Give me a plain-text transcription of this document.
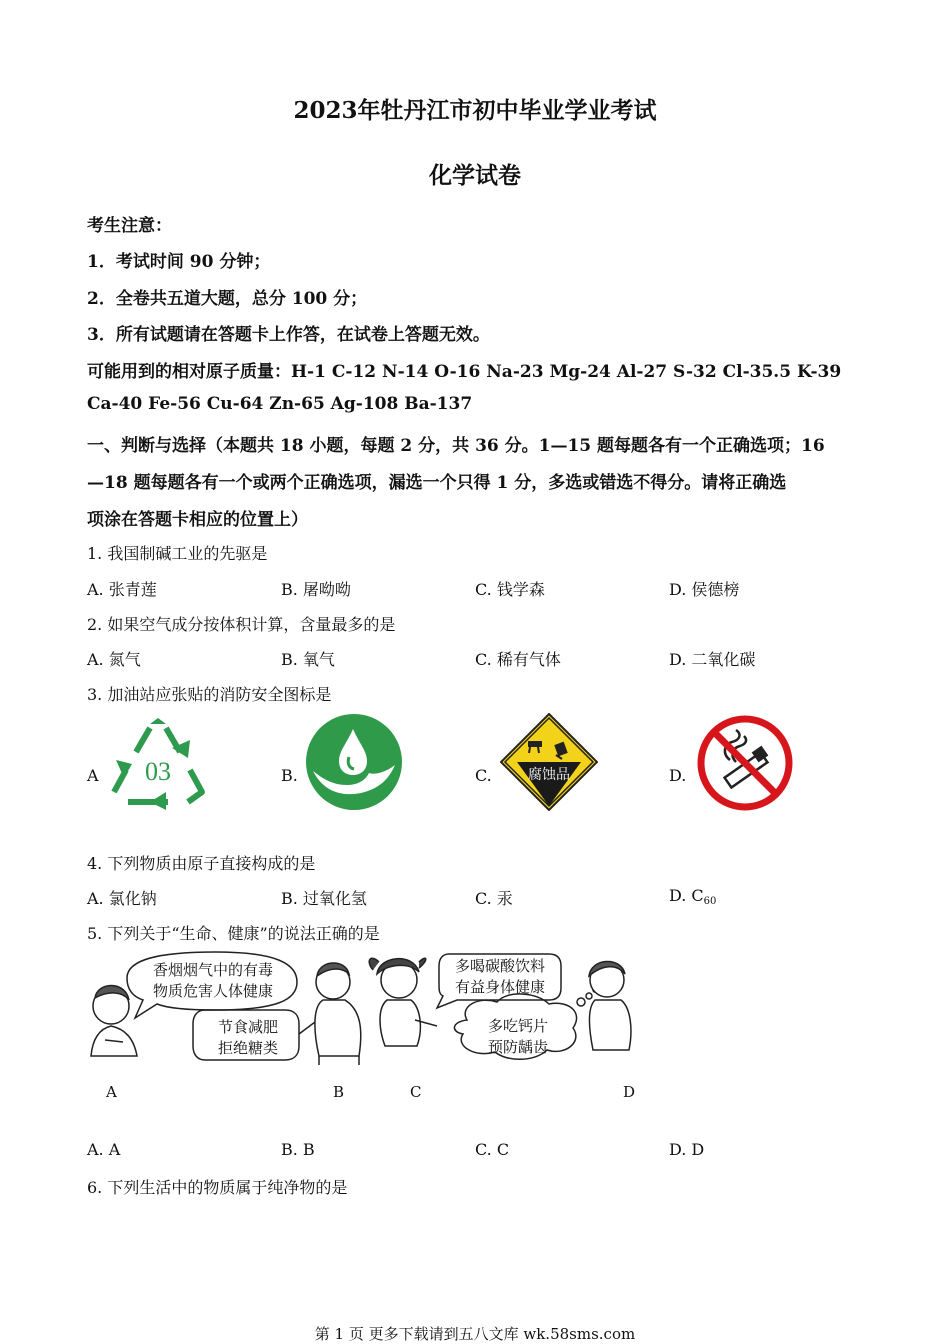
2023年牡丹江市初中毕业学业考试
化学试卷
考生注意：
1．考试时间 90 分钟；
2．全卷共五道大题，总分 100 分；
3．所有试题请在答题卡上作答，在试卷上答题无效。
可能用到的相对原子质量：H-1 C-12 N-14 O-16 Na-23 Mg-24 Al-27 S-32 Cl-35.5 K-39
Ca-40 Fe-56 Cu-64 Zn-65 Ag-108 Ba-137
一、判断与选择（本题共 18 小题，每题 2 分，共 36 分。1—15 题每题各有一个正确选项；16
—18 题每题各有一个或两个正确选项，漏选一个只得 1 分，多选或错选不得分。请将正确选
项涂在答题卡相应的位置上）
1. 我国制碱工业的先驱是
A. 张青莲	B. 屠呦呦	C. 钱学森	D. 侯德榜
2. 如果空气成分按体积计算，含量最多的是
A. 氮气	B. 氧气	C. 稀有气体	D. 二氧化碳
3. 加油站应张贴的消防安全图标是
A	B.	C.	D.
03	腐蚀品
4. 下列物质由原子直接构成的是
A. 氯化钠	B. 过氧化氢	C. 汞	D. $C_{60}$
5. 下列关于“生命、健康”的说法正确的是
香烟烟气中的有毒
物质危害人体健康
节食减肥
拒绝糖类
多喝碳酸饮料
有益身体健康
多吃钙片
预防龋齿
A	B	C	D
A. A	B. B	C. C	D. D
6. 下列生活中的物质属于纯净物的是
第 1 页 更多下载请到五八文库 wk.58sms.com
